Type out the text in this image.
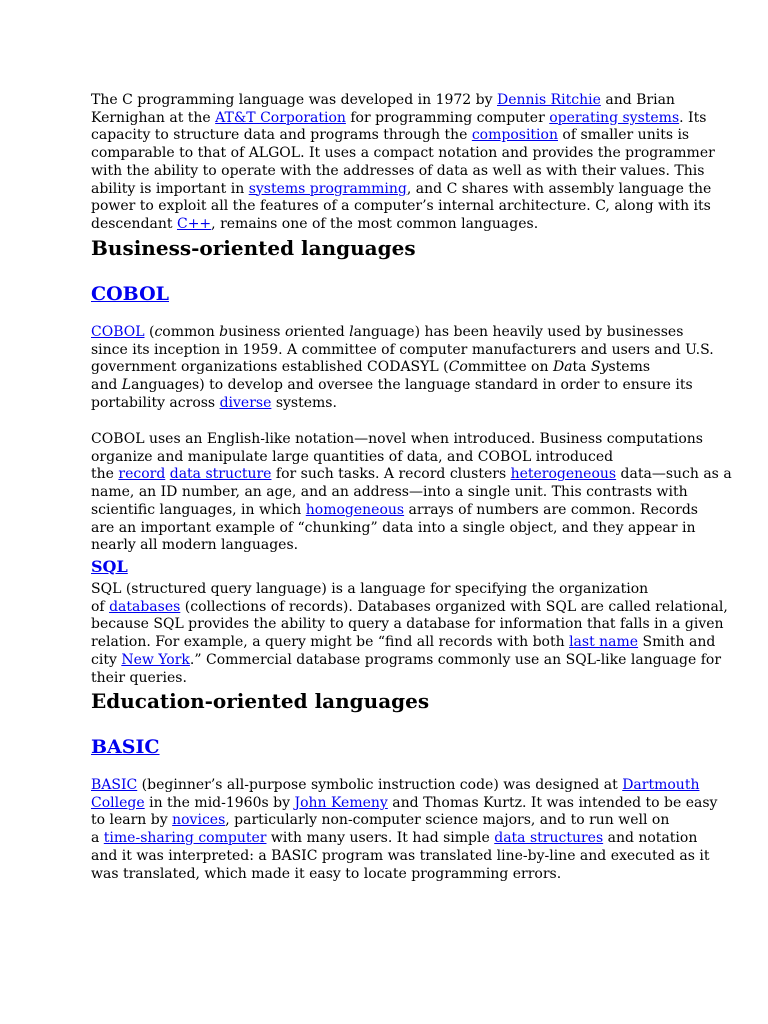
The C programming language was developed in 1972 by Dennis Ritchie and Brian
Kernighan at the AT&T Corporation for programming computer operating systems. Its
capacity to structure data and programs through the composition of smaller units is
comparable to that of ALGOL. It uses a compact notation and provides the programmer
with the ability to operate with the addresses of data as well as with their values. This
ability is important in systems programming, and C shares with assembly language the
power to exploit all the features of a computer’s internal architecture. C, along with its
descendant C++, remains one of the most common languages.

Business-oriented languages
COBOL

COBOL (common business oriented language) has been heavily used by businesses
since its inception in 1959. A committee of computer manufacturers and users and U.S.
government organizations established CODASYL (Committee on Data Systems
and Languages) to develop and oversee the language standard in order to ensure its
portability across diverse systems.

COBOL uses an English-like notation—novel when introduced. Business computations
organize and manipulate large quantities of data, and COBOL introduced
the record data structure for such tasks. A record clusters heterogeneous data—such as a
name, an ID number, an age, and an address—into a single unit. This contrasts with
scientific languages, in which homogeneous arrays of numbers are common. Records
are an important example of “chunking” data into a single object, and they appear in
nearly all modern languages.

SQL

SQL (structured query language) is a language for specifying the organization
of databases (collections of records). Databases organized with SQL are called relational,
because SQL provides the ability to query a database for information that falls in a given
relation. For example, a query might be “find all records with both last name Smith and
city New York.” Commercial database programs commonly use an SQL-like language for
their queries.

Education-oriented languages
BASIC

BASIC (beginner’s all-purpose symbolic instruction code) was designed at Dartmouth
College in the mid-1960s by John Kemeny and Thomas Kurtz. It was intended to be easy
to learn by novices, particularly non-computer science majors, and to run well on
a time-sharing computer with many users. It had simple data structures and notation
and it was interpreted: a BASIC program was translated line-by-line and executed as it
was translated, which made it easy to locate programming errors.
